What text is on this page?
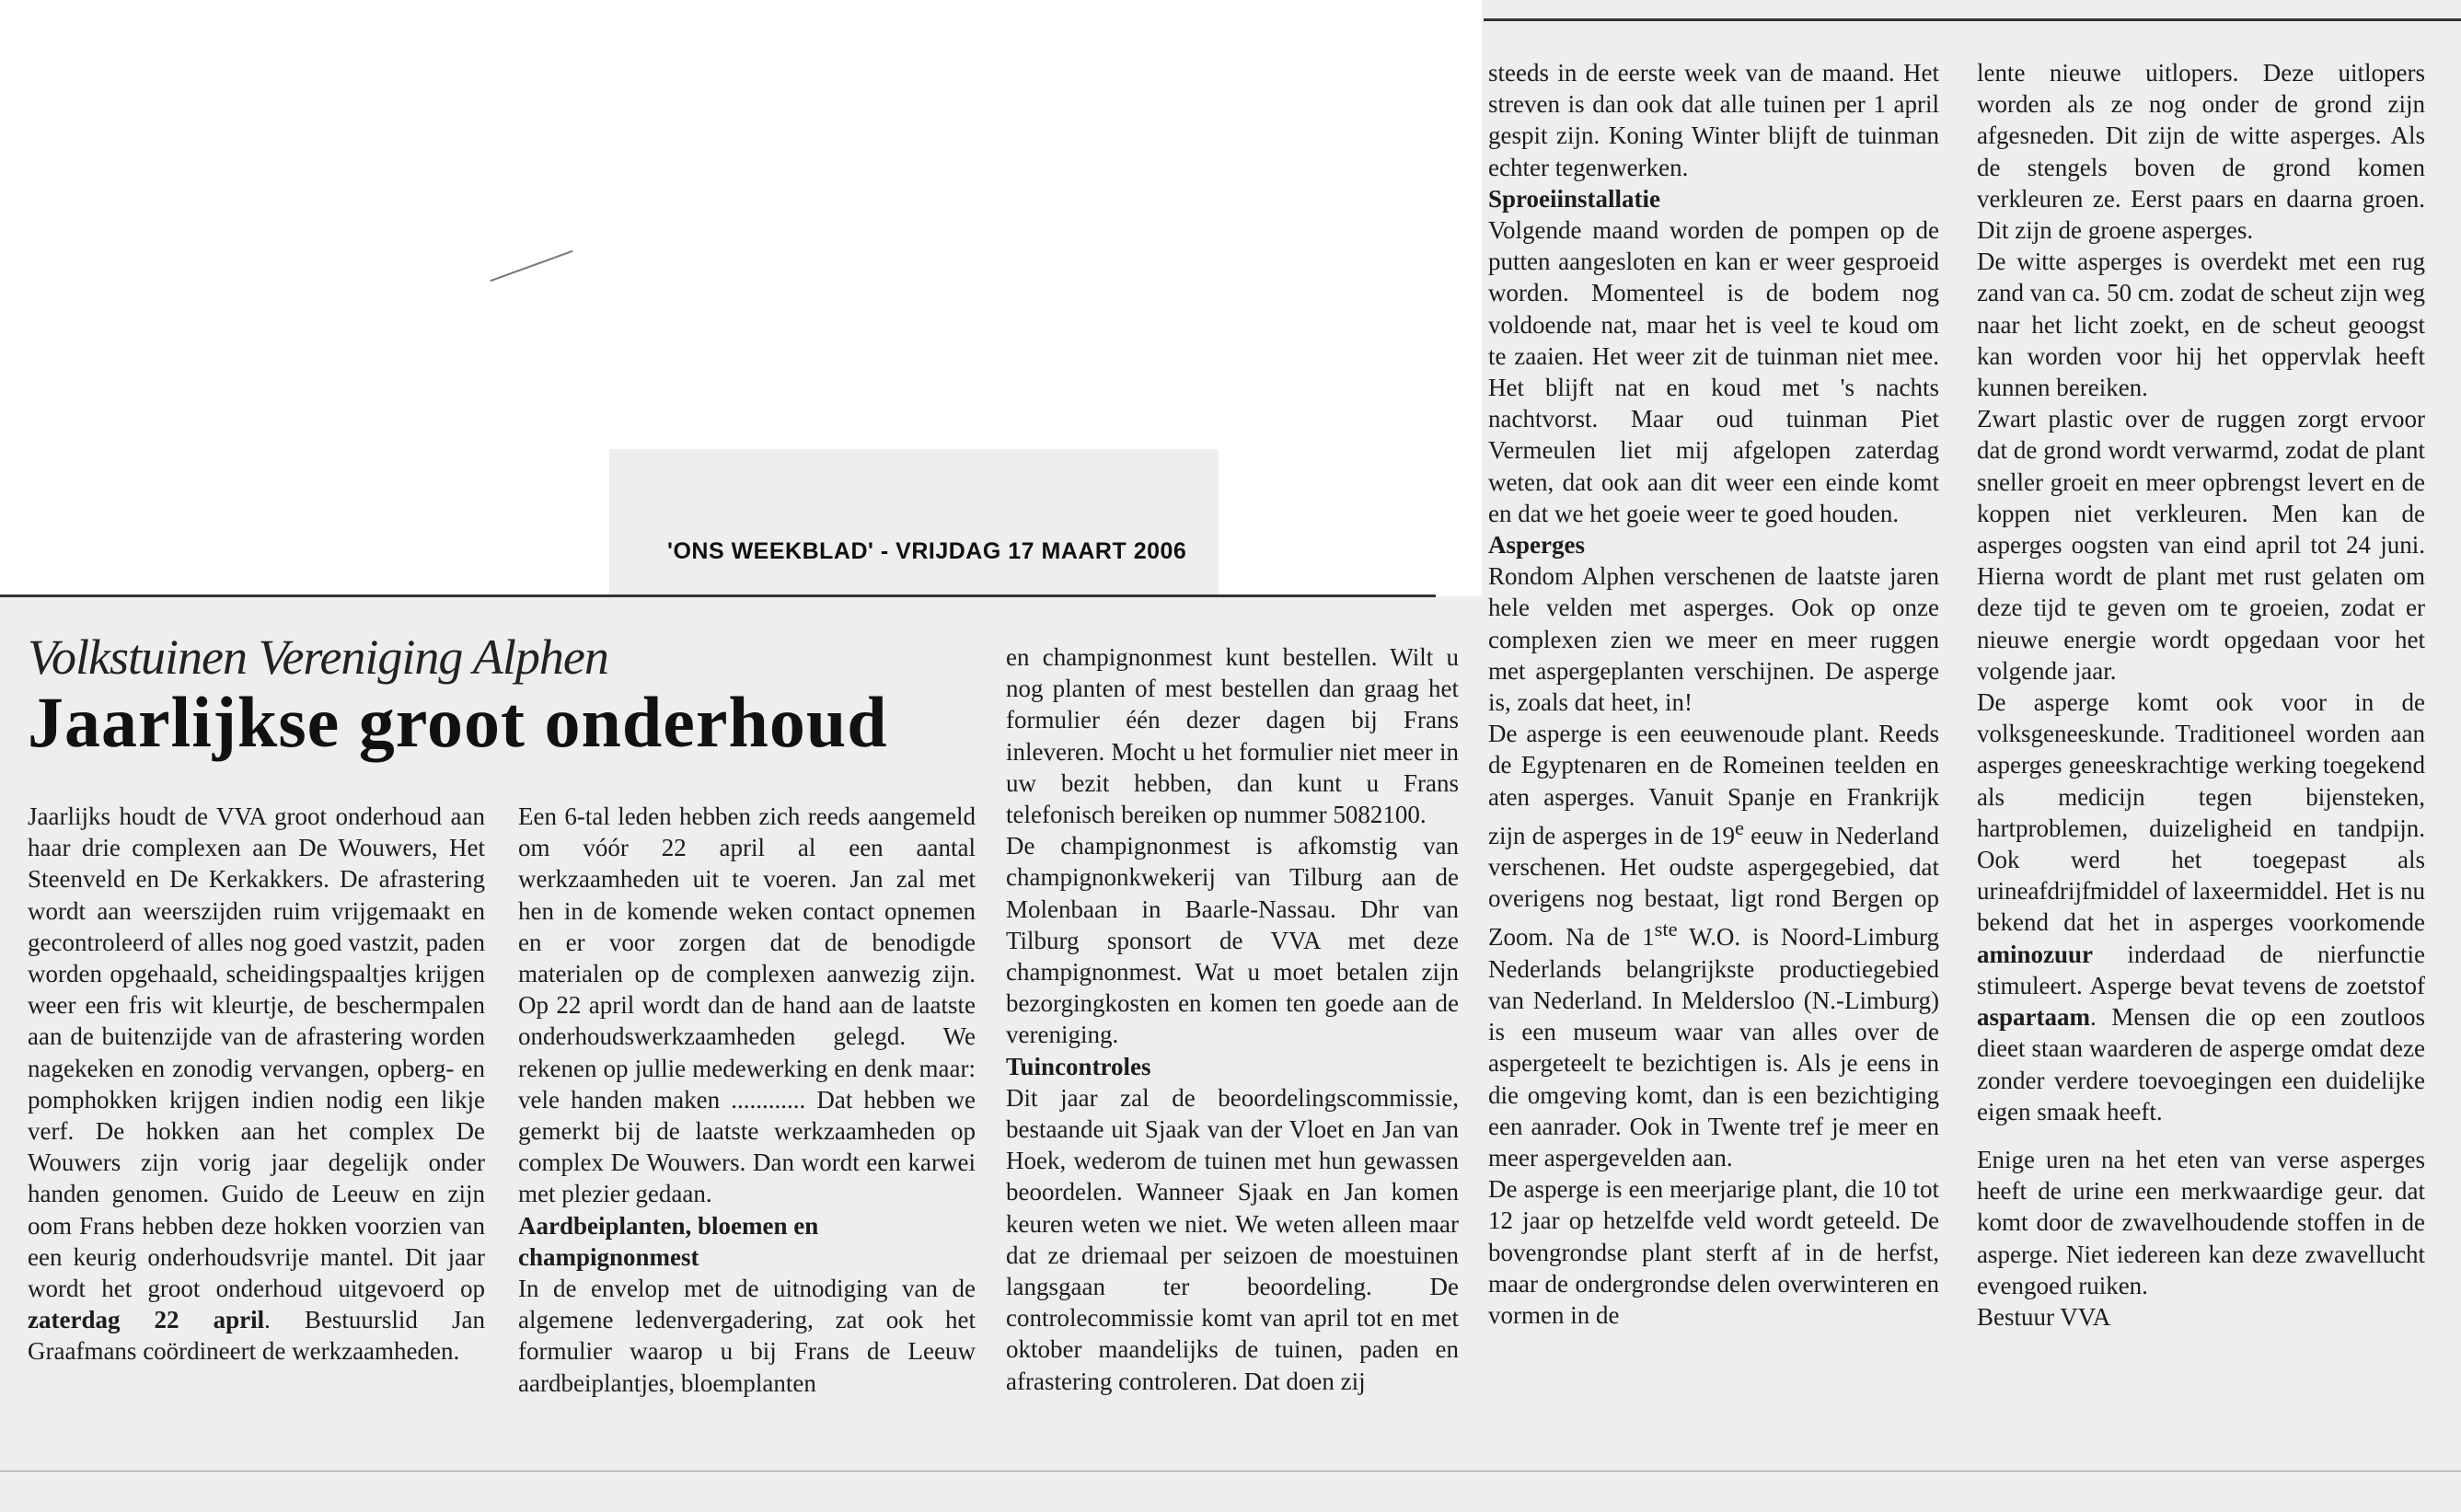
'ONS WEEKBLAD' - VRIJDAG 17 MAART 2006
Volkstuinen Vereniging Alphen
Jaarlijkse groot onderhoud

Jaarlijks houdt de VVA groot onderhoud aan haar drie complexen aan De Wouwers, Het Steenveld en De Kerkakkers. De afrastering wordt aan weerszijden ruim vrijgemaakt en gecontroleerd of alles nog goed vastzit, paden worden opgehaald, scheidingspaaltjes krijgen weer een fris wit kleurtje, de beschermpalen aan de buitenzijde van de afrastering worden nagekeken en zonodig vervangen, opberg- en pomphokken krijgen indien nodig een likje verf. De hokken aan het complex De Wouwers zijn vorig jaar degelijk onder handen genomen. Guido de Leeuw en zijn oom Frans hebben deze hokken voorzien van een keurig onderhoudsvrije mantel. Dit jaar wordt het groot onderhoud uitgevoerd op zaterdag 22 april. Bestuurslid Jan Graafmans coördineert de werkzaamheden.

Een 6-tal leden hebben zich reeds aangemeld om vóór 22 april al een aantal werkzaamheden uit te voeren. Jan zal met hen in de komende weken contact opnemen en er voor zorgen dat de benodigde materialen op de complexen aanwezig zijn. Op 22 april wordt dan de hand aan de laatste onderhoudswerkzaamheden gelegd. We rekenen op jullie medewerking en denk maar: vele handen maken ............ Dat hebben we gemerkt bij de laatste werkzaamheden op complex De Wouwers. Dan wordt een karwei met plezier gedaan.

Aardbeiplanten, bloemen en champignonmest

In de envelop met de uitnodiging van de algemene ledenvergadering, zat ook het formulier waarop u bij Frans de Leeuw aardbeiplantjes, bloemplanten

en champignonmest kunt bestellen. Wilt u nog planten of mest bestellen dan graag het formulier één dezer dagen bij Frans inleveren. Mocht u het formulier niet meer in uw bezit hebben, dan kunt u Frans telefonisch bereiken op nummer 5082100.

De champignonmest is afkomstig van champignonkwekerij van Tilburg aan de Molenbaan in Baarle-Nassau. Dhr van Tilburg sponsort de VVA met deze champignonmest. Wat u moet betalen zijn bezorgingkosten en komen ten goede aan de vereniging.

Tuincontroles

Dit jaar zal de beoordelingscommissie, bestaande uit Sjaak van der Vloet en Jan van Hoek, wederom de tuinen met hun gewassen beoordelen. Wanneer Sjaak en Jan komen keuren weten we niet. We weten alleen maar dat ze driemaal per seizoen de moestuinen langsgaan ter beoordeling. De controlecommissie komt van april tot en met oktober maandelijks de tuinen, paden en afrastering controleren. Dat doen zij

steeds in de eerste week van de maand. Het streven is dan ook dat alle tuinen per 1 april gespit zijn. Koning Winter blijft de tuinman echter tegenwerken.

Sproeiinstallatie

Volgende maand worden de pompen op de putten aangesloten en kan er weer gesproeid worden. Momenteel is de bodem nog voldoende nat, maar het is veel te koud om te zaaien. Het weer zit de tuinman niet mee. Het blijft nat en koud met 's nachts nachtvorst. Maar oud tuinman Piet Vermeulen liet mij afgelopen zaterdag weten, dat ook aan dit weer een einde komt en dat we het goeie weer te goed houden.

Asperges

Rondom Alphen verschenen de laatste jaren hele velden met asperges. Ook op onze complexen zien we meer en meer ruggen met aspergeplanten verschijnen. De asperge is, zoals dat heet, in!

De asperge is een eeuwenoude plant. Reeds de Egyptenaren en de Romeinen teelden en aten asperges. Vanuit Spanje en Frankrijk zijn de asperges in de 19e eeuw in Nederland verschenen. Het oudste aspergegebied, dat overigens nog bestaat, ligt rond Bergen op Zoom. Na de 1ste W.O. is Noord-Limburg Nederlands belangrijkste productiegebied van Nederland. In Meldersloo (N.-Limburg) is een museum waar van alles over de aspergeteelt te bezichtigen is. Als je eens in die omgeving komt, dan is een bezichtiging een aanrader. Ook in Twente tref je meer en meer aspergevelden aan.

De asperge is een meerjarige plant, die 10 tot 12 jaar op hetzelfde veld wordt geteeld. De bovengrondse plant sterft af in de herfst, maar de ondergrondse delen overwinteren en vormen in de

lente nieuwe uitlopers. Deze uitlopers worden als ze nog onder de grond zijn afgesneden. Dit zijn de witte asperges. Als de stengels boven de grond komen verkleuren ze. Eerst paars en daarna groen. Dit zijn de groene asperges.

De witte asperges is overdekt met een rug zand van ca. 50 cm. zodat de scheut zijn weg naar het licht zoekt, en de scheut geoogst kan worden voor hij het oppervlak heeft kunnen bereiken.

Zwart plastic over de ruggen zorgt ervoor dat de grond wordt verwarmd, zodat de plant sneller groeit en meer opbrengst levert en de koppen niet verkleuren. Men kan de asperges oogsten van eind april tot 24 juni. Hierna wordt de plant met rust gelaten om deze tijd te geven om te groeien, zodat er nieuwe energie wordt opgedaan voor het volgende jaar.

De asperge komt ook voor in de volksgeneeskunde. Traditioneel worden aan asperges geneeskrachtige werking toegekend als medicijn tegen bijensteken, hartproblemen, duizeligheid en tandpijn. Ook werd het toegepast als urineafdrijfmiddel of laxeermiddel. Het is nu bekend dat het in asperges voorkomende aminozuur inderdaad de nierfunctie stimuleert. Asperge bevat tevens de zoetstof aspartaam. Mensen die op een zoutloos dieet staan waarderen de asperge omdat deze zonder verdere toevoegingen een duidelijke eigen smaak heeft.

Enige uren na het eten van verse asperges heeft de urine een merkwaardige geur. dat komt door de zwavelhoudende stoffen in de asperge. Niet iedereen kan deze zwavellucht evengoed ruiken.

Bestuur VVA
